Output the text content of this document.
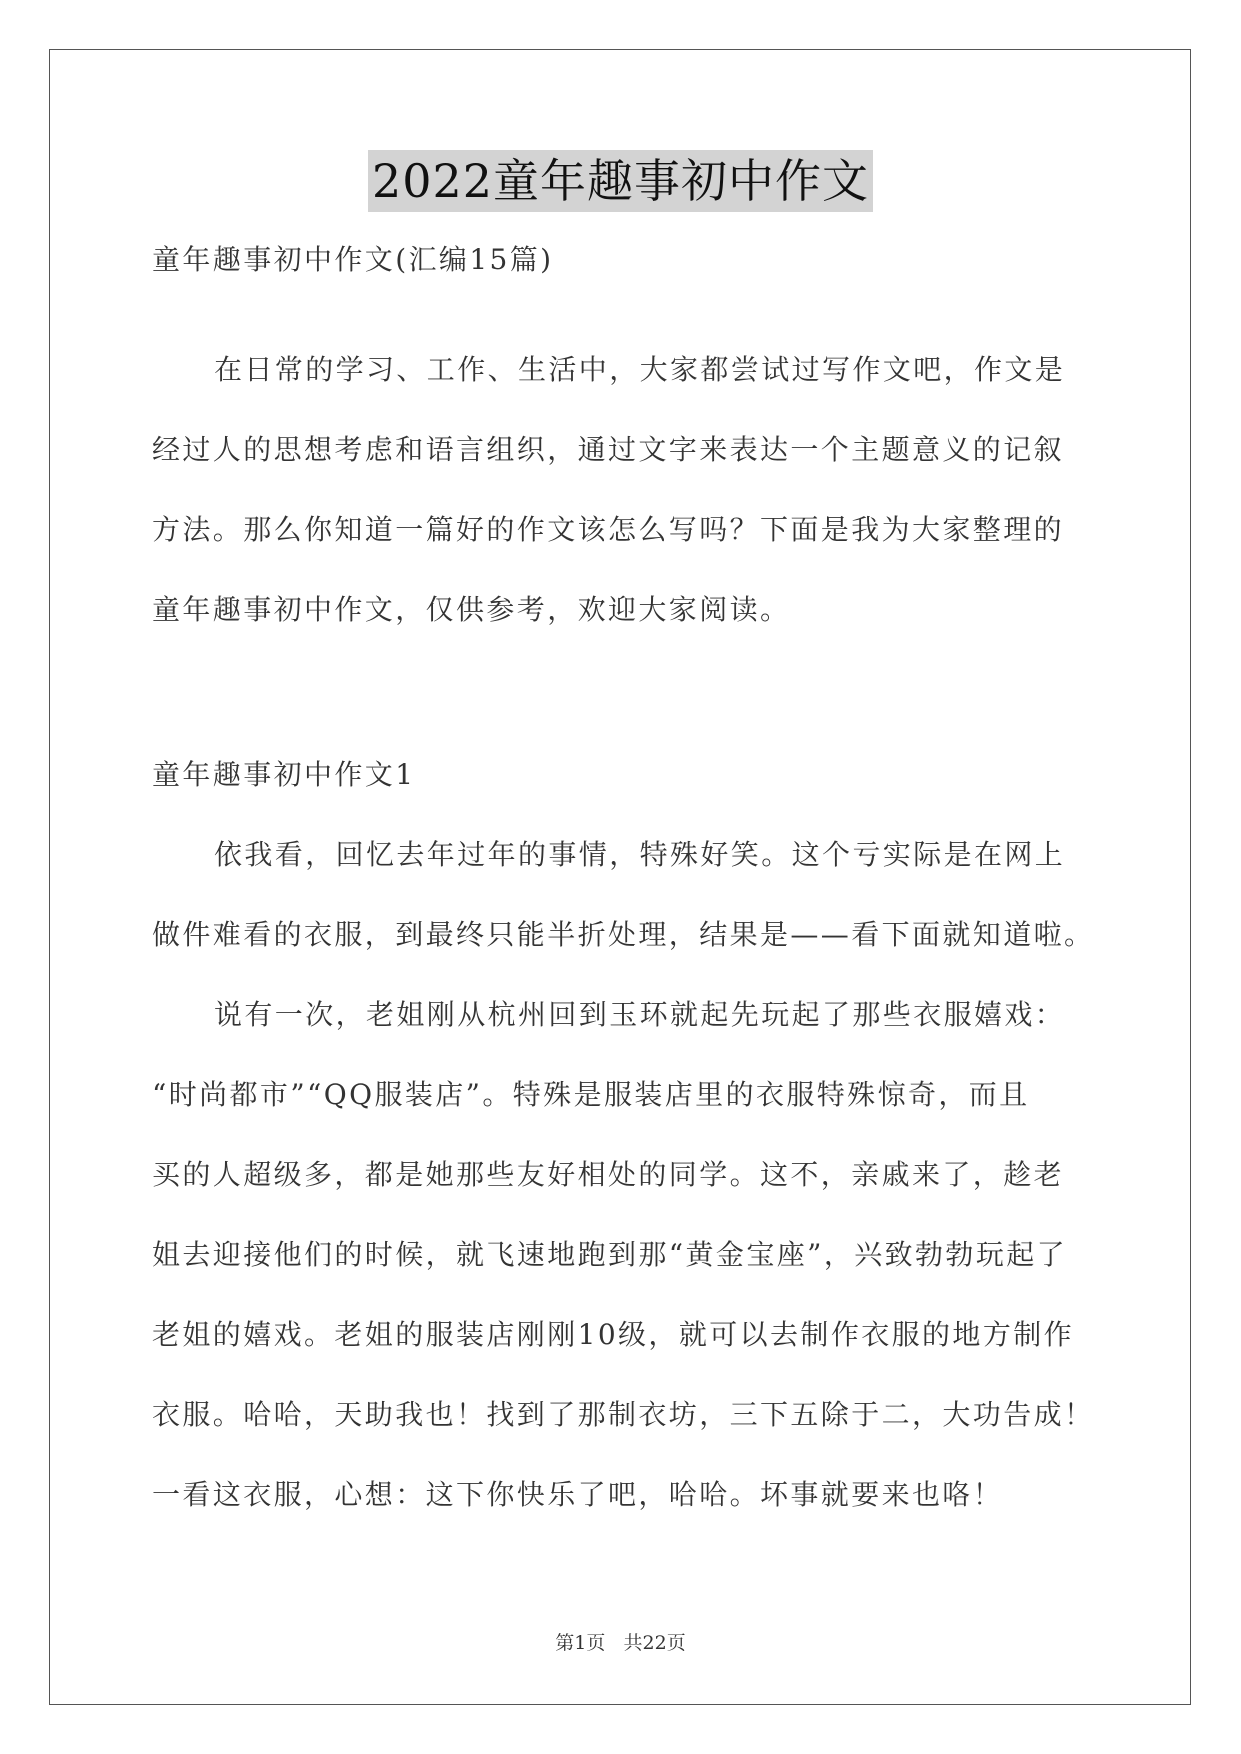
2022童年趣事初中作文
童年趣事初中作文(汇编15篇)
在日常的学习、工作、生活中，大家都尝试过写作文吧，作文是
经过人的思想考虑和语言组织，通过文字来表达一个主题意义的记叙
方法。那么你知道一篇好的作文该怎么写吗？下面是我为大家整理的
童年趣事初中作文，仅供参考，欢迎大家阅读。
童年趣事初中作文1
依我看，回忆去年过年的事情，特殊好笑。这个亏实际是在网上
做件难看的衣服，到最终只能半折处理，结果是——看下面就知道啦。
说有一次，老姐刚从杭州回到玉环就起先玩起了那些衣服嬉戏：
“时尚都市”“QQ服装店”。特殊是服装店里的衣服特殊惊奇，而且
买的人超级多，都是她那些友好相处的同学。这不，亲戚来了，趁老
姐去迎接他们的时候，就飞速地跑到那“黄金宝座”，兴致勃勃玩起了
老姐的嬉戏。老姐的服装店刚刚10级，就可以去制作衣服的地方制作
衣服。哈哈，天助我也！找到了那制衣坊，三下五除于二，大功告成！
一看这衣服，心想：这下你快乐了吧，哈哈。坏事就要来也咯！
第1页 共22页
